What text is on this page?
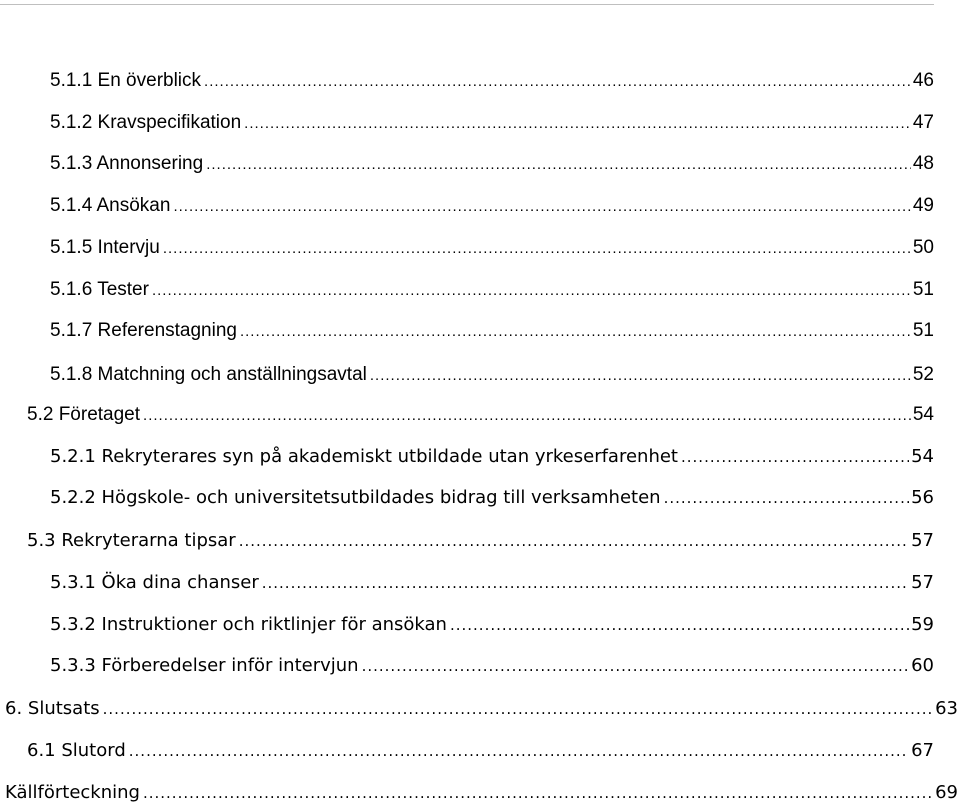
5.1.1 En överblick .....	46
5.1.2 Kravspecifikation .....	47
5.1.3 Annonsering .....	48
5.1.4 Ansökan .....	49
5.1.5 Intervju .....	50
5.1.6 Tester .....	51
5.1.7 Referenstagning .....	51
5.1.8 Matchning och anställningsavtal .....	52
5.2 Företaget .....	54
5.2.1 Rekryterares syn på akademiskt utbildade utan yrkeserfarenhet .....	54
5.2.2 Högskole- och universitetsutbildades bidrag till verksamheten .....	56
5.3 Rekryterarna tipsar .....	57
5.3.1 Öka dina chanser .....	57
5.3.2 Instruktioner och riktlinjer för ansökan .....	59
5.3.3 Förberedelser inför intervjun .....	60
6. Slutsats .....	63
6.1 Slutord .....	67
Källförteckning .....	69
